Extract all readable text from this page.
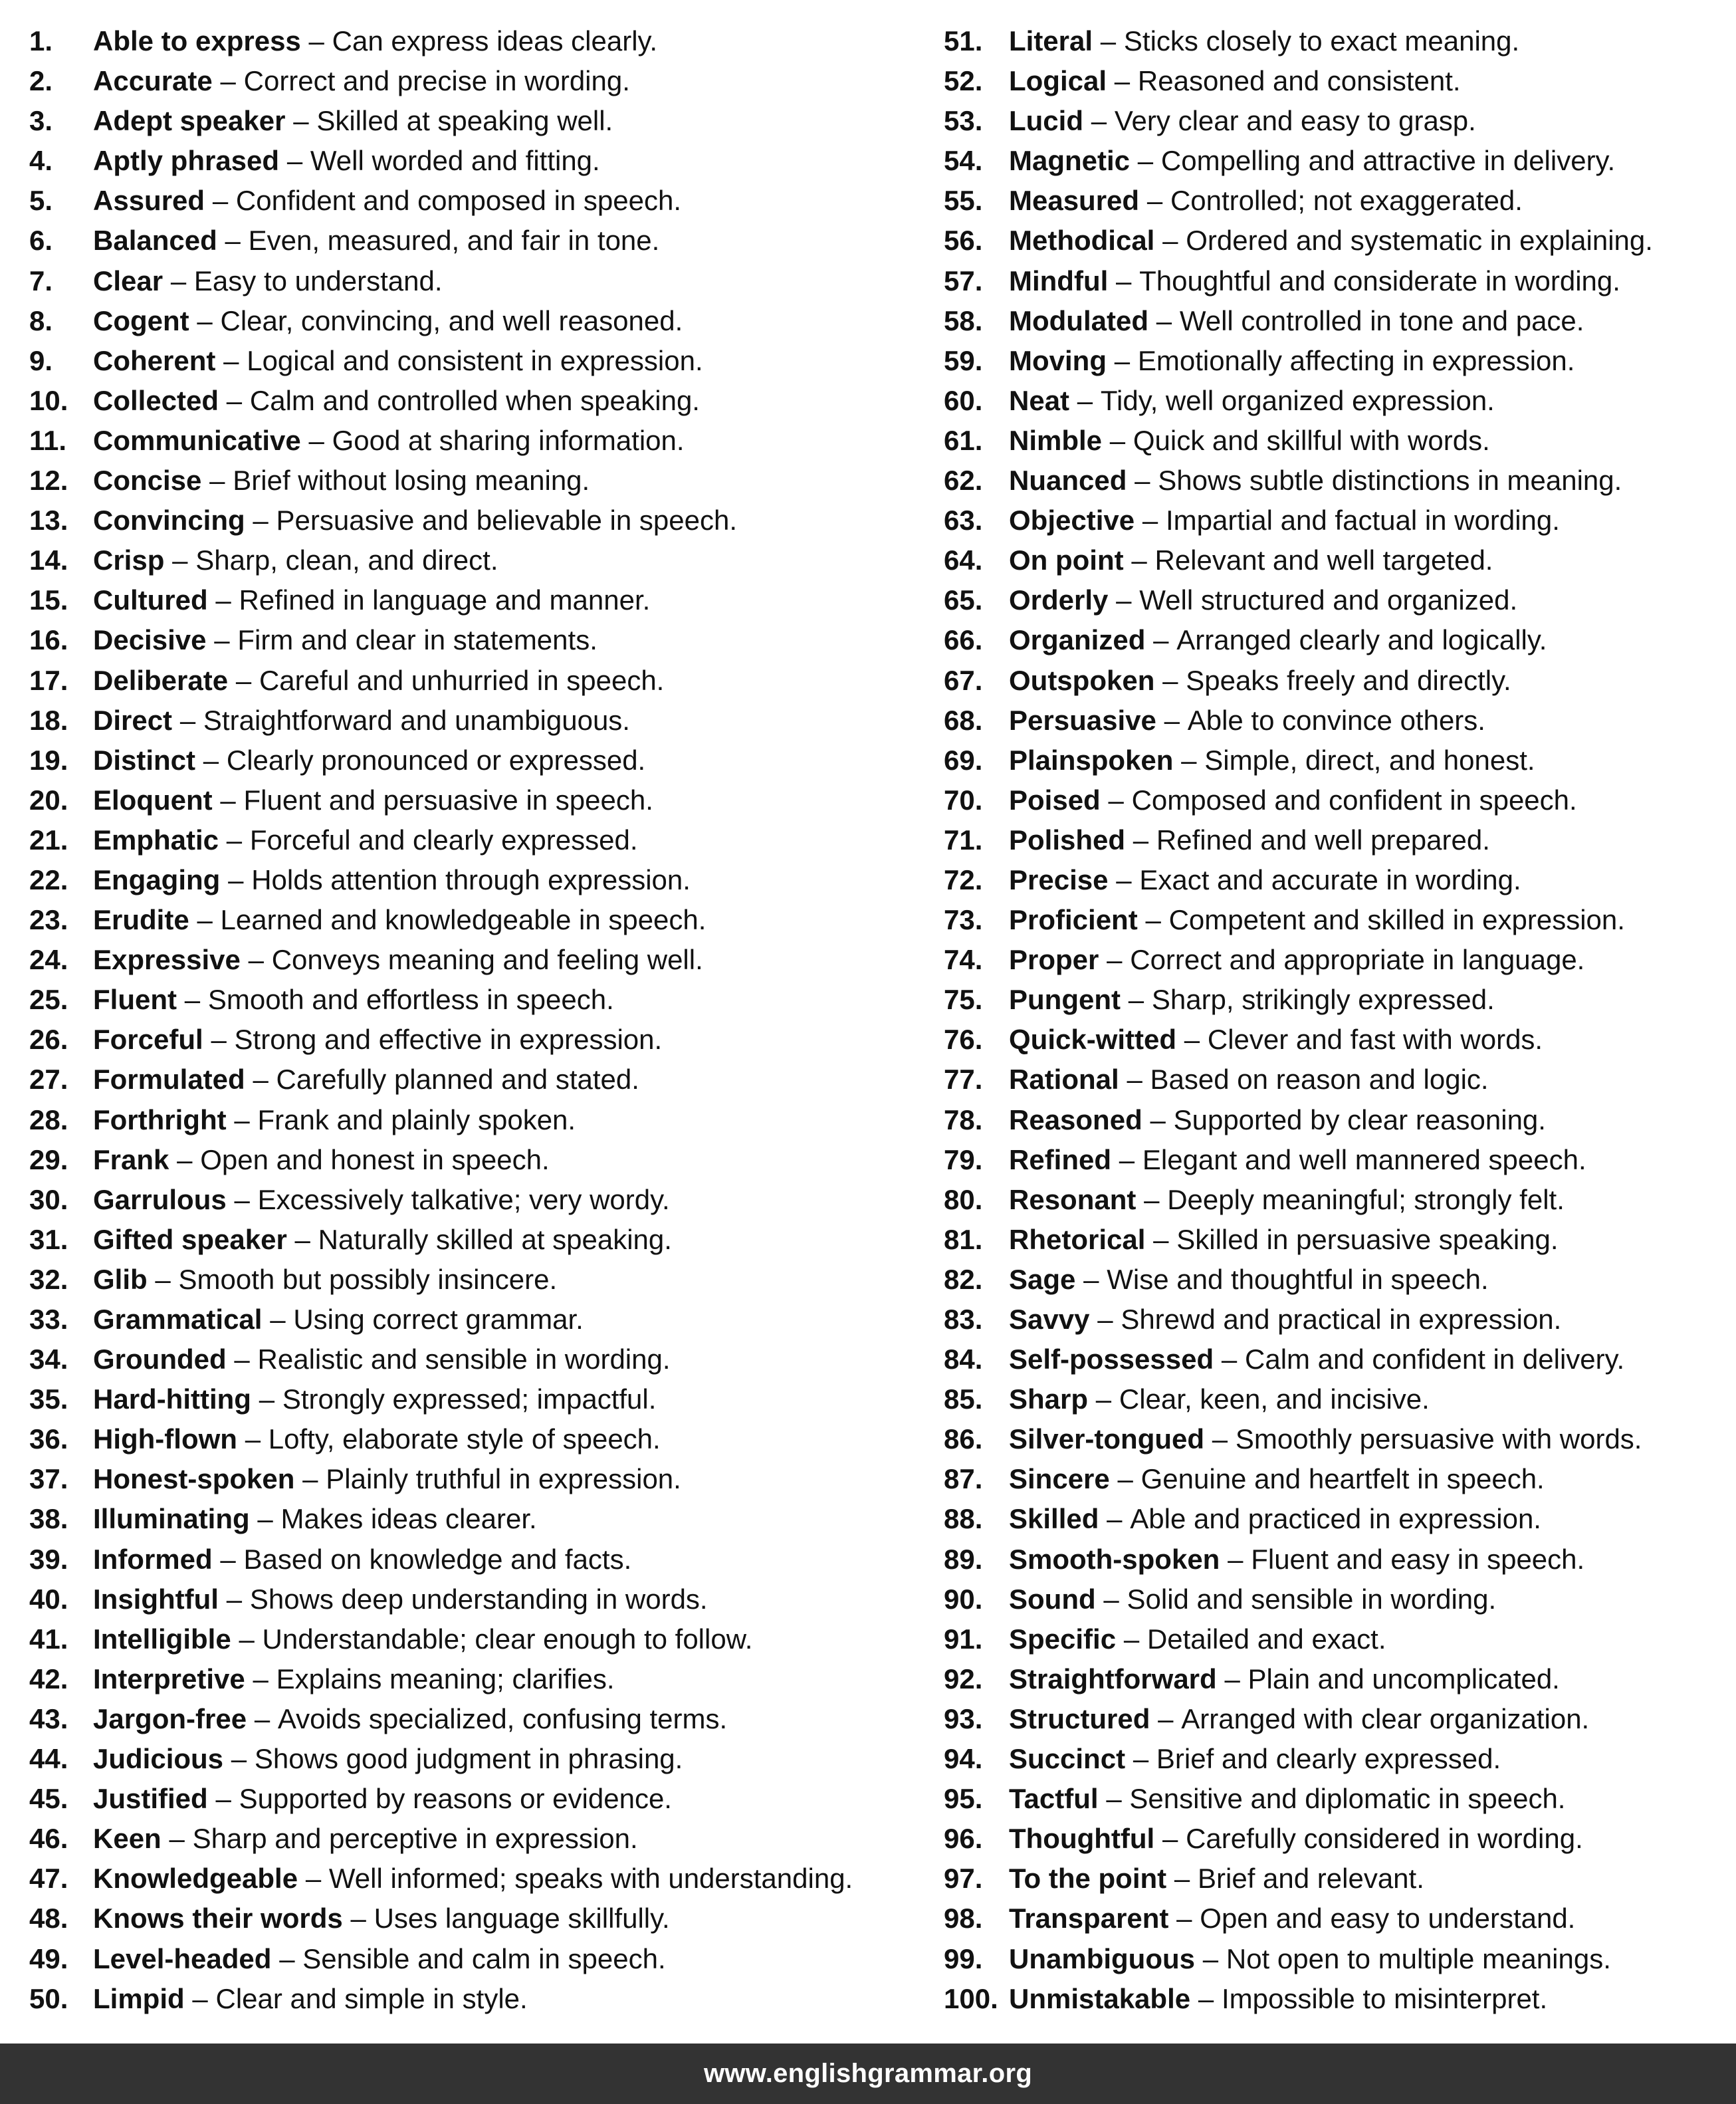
1.	Able to express – Can express ideas clearly.
2.	Accurate – Correct and precise in wording.
3.	Adept speaker – Skilled at speaking well.
4.	Aptly phrased – Well worded and fitting.
5.	Assured – Confident and composed in speech.
6.	Balanced – Even, measured, and fair in tone.
7.	Clear – Easy to understand.
8.	Cogent – Clear, convincing, and well reasoned.
9.	Coherent – Logical and consistent in expression.
10. Collected – Calm and controlled when speaking.
11. Communicative – Good at sharing information.
12. Concise – Brief without losing meaning.
13. Convincing – Persuasive and believable in speech.
14. Crisp – Sharp, clean, and direct.
15. Cultured – Refined in language and manner.
16. Decisive – Firm and clear in statements.
17. Deliberate – Careful and unhurried in speech.
18. Direct – Straightforward and unambiguous.
19. Distinct – Clearly pronounced or expressed.
20. Eloquent – Fluent and persuasive in speech.
21. Emphatic – Forceful and clearly expressed.
22. Engaging – Holds attention through expression.
23. Erudite – Learned and knowledgeable in speech.
24. Expressive – Conveys meaning and feeling well.
25. Fluent – Smooth and effortless in speech.
26. Forceful – Strong and effective in expression.
27. Formulated – Carefully planned and stated.
28. Forthright – Frank and plainly spoken.
29. Frank – Open and honest in speech.
30. Garrulous – Excessively talkative; very wordy.
31. Gifted speaker – Naturally skilled at speaking.
32. Glib – Smooth but possibly insincere.
33. Grammatical – Using correct grammar.
34. Grounded – Realistic and sensible in wording.
35. Hard-hitting – Strongly expressed; impactful.
36. High-flown – Lofty, elaborate style of speech.
37. Honest-spoken – Plainly truthful in expression.
38. Illuminating – Makes ideas clearer.
39. Informed – Based on knowledge and facts.
40. Insightful – Shows deep understanding in words.
41. Intelligible – Understandable; clear enough to follow.
42. Interpretive – Explains meaning; clarifies.
43. Jargon-free – Avoids specialized, confusing terms.
44. Judicious – Shows good judgment in phrasing.
45. Justified – Supported by reasons or evidence.
46. Keen – Sharp and perceptive in expression.
47. Knowledgeable – Well informed; speaks with understanding.
48. Knows their words – Uses language skillfully.
49. Level-headed – Sensible and calm in speech.
50. Limpid – Clear and simple in style.
51. Literal – Sticks closely to exact meaning.
52. Logical – Reasoned and consistent.
53. Lucid – Very clear and easy to grasp.
54. Magnetic – Compelling and attractive in delivery.
55. Measured – Controlled; not exaggerated.
56. Methodical – Ordered and systematic in explaining.
57. Mindful – Thoughtful and considerate in wording.
58. Modulated – Well controlled in tone and pace.
59. Moving – Emotionally affecting in expression.
60. Neat – Tidy, well organized expression.
61. Nimble – Quick and skillful with words.
62. Nuanced – Shows subtle distinctions in meaning.
63. Objective – Impartial and factual in wording.
64. On point – Relevant and well targeted.
65. Orderly – Well structured and organized.
66. Organized – Arranged clearly and logically.
67. Outspoken – Speaks freely and directly.
68. Persuasive – Able to convince others.
69. Plainspoken – Simple, direct, and honest.
70. Poised – Composed and confident in speech.
71. Polished – Refined and well prepared.
72. Precise – Exact and accurate in wording.
73. Proficient – Competent and skilled in expression.
74. Proper – Correct and appropriate in language.
75. Pungent – Sharp, strikingly expressed.
76. Quick-witted – Clever and fast with words.
77. Rational – Based on reason and logic.
78. Reasoned – Supported by clear reasoning.
79. Refined – Elegant and well mannered speech.
80. Resonant – Deeply meaningful; strongly felt.
81. Rhetorical – Skilled in persuasive speaking.
82. Sage – Wise and thoughtful in speech.
83. Savvy – Shrewd and practical in expression.
84. Self-possessed – Calm and confident in delivery.
85. Sharp – Clear, keen, and incisive.
86. Silver-tongued – Smoothly persuasive with words.
87. Sincere – Genuine and heartfelt in speech.
88. Skilled – Able and practiced in expression.
89. Smooth-spoken – Fluent and easy in speech.
90. Sound – Solid and sensible in wording.
91. Specific – Detailed and exact.
92. Straightforward – Plain and uncomplicated.
93. Structured – Arranged with clear organization.
94. Succinct – Brief and clearly expressed.
95. Tactful – Sensitive and diplomatic in speech.
96. Thoughtful – Carefully considered in wording.
97. To the point – Brief and relevant.
98. Transparent – Open and easy to understand.
99. Unambiguous – Not open to multiple meanings.
100. Unmistakable – Impossible to misinterpret.
www.englishgrammar.org
